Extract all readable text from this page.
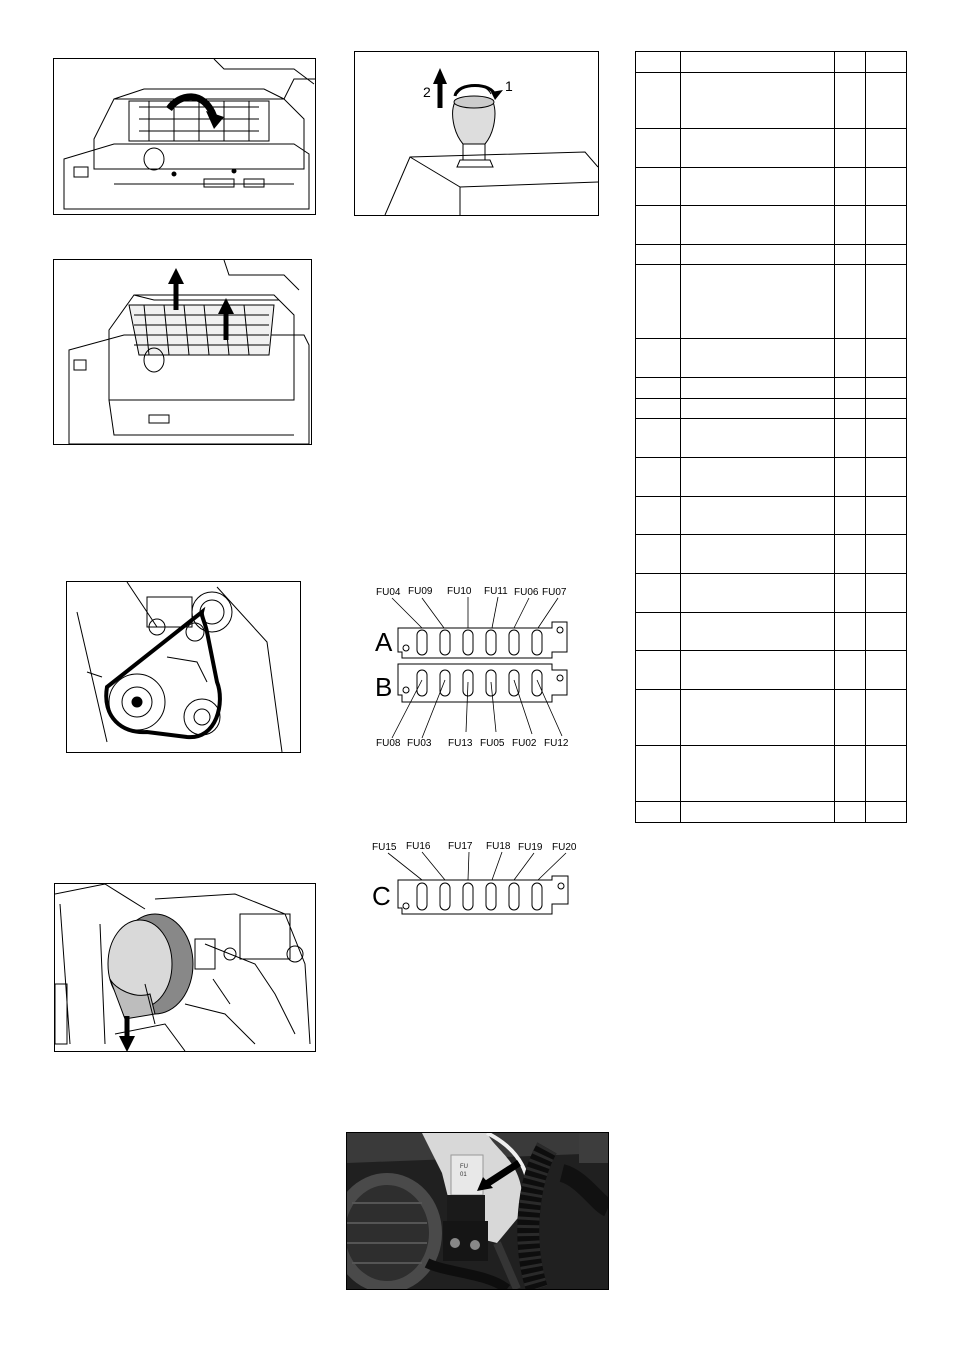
2	1
FU04 FU09 FU10 FU11 FU06 FU07
A
B
FU08 FU03 FU13 FU05 FU02 FU12
FU15 FU16 FU17 FU18 FU19 FU20
C

FU
01
